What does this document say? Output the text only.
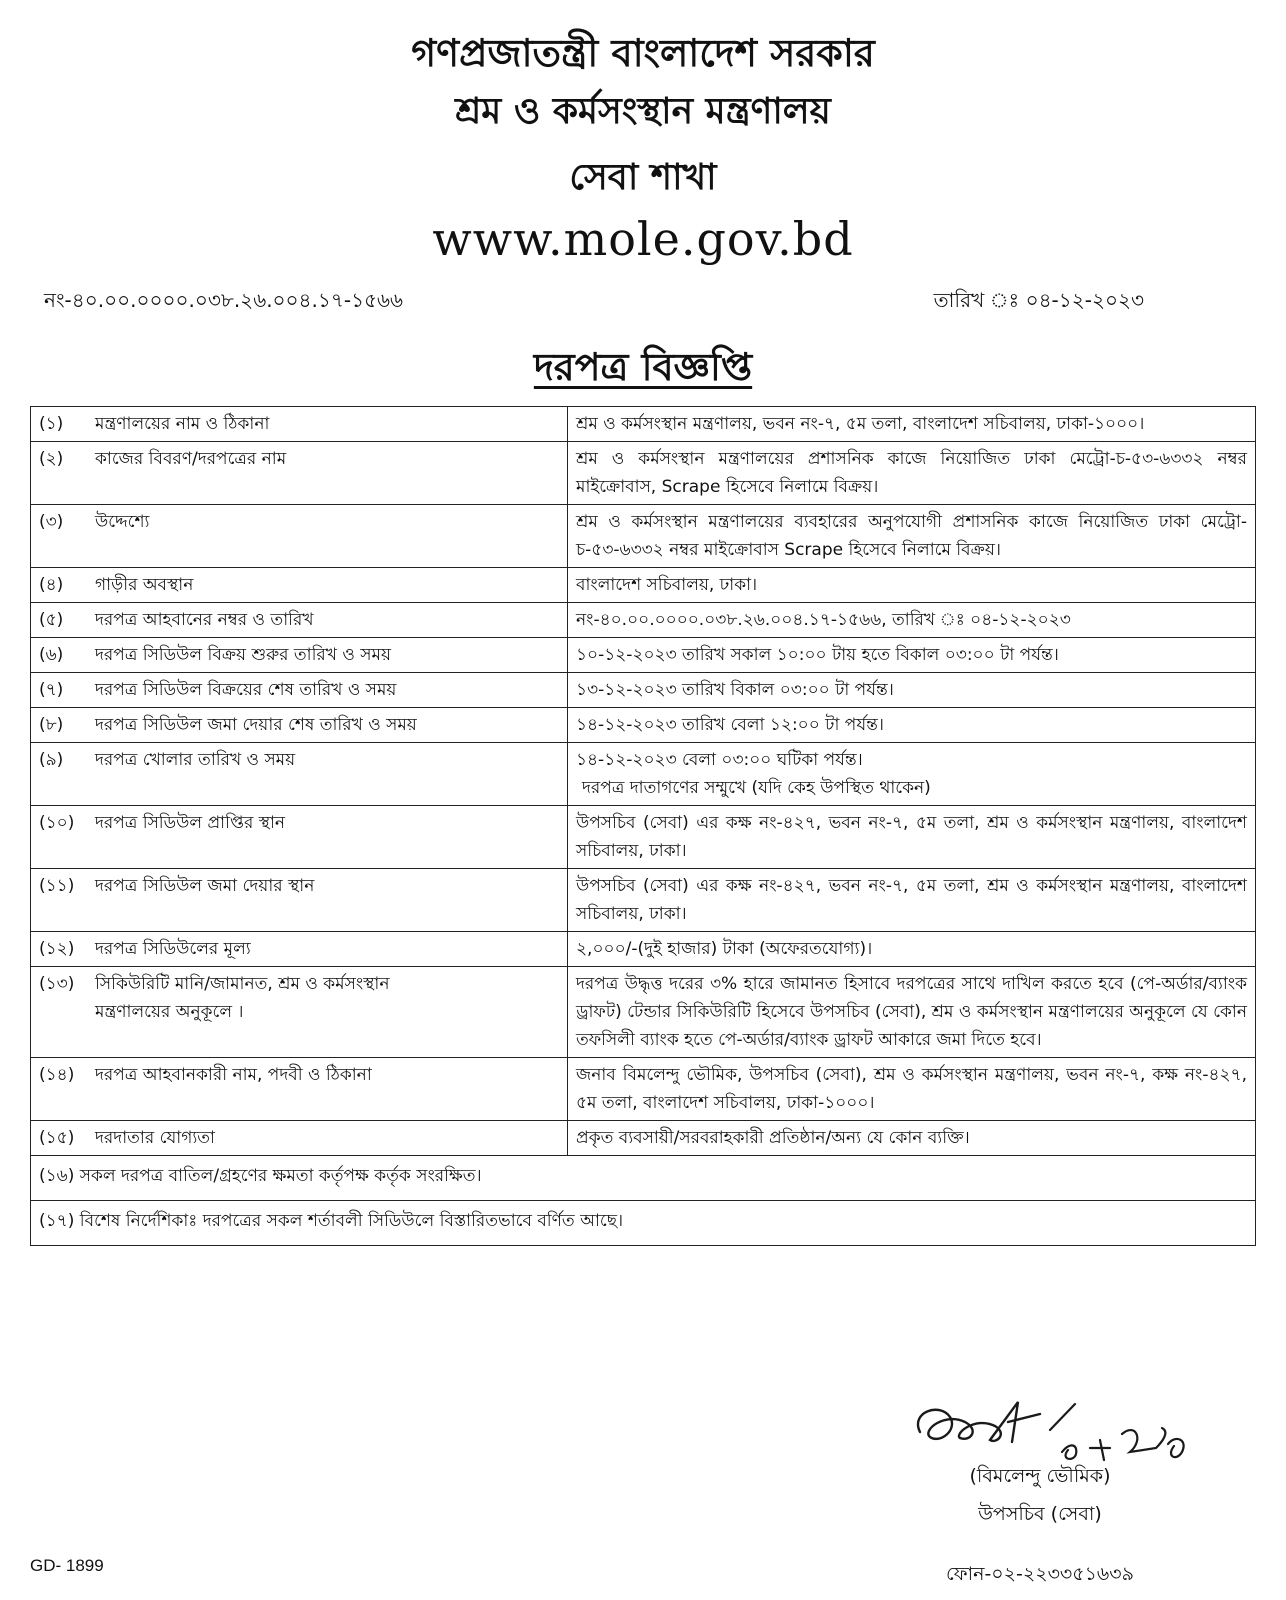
গণপ্রজাতন্ত্রী বাংলাদেশ সরকার
শ্রম ও কর্মসংস্থান মন্ত্রণালয়
সেবা শাখা
www.mole.gov.bd
নং-৪০.০০.০০০০.০৩৮.২৬.০০৪.১৭-১৫৬৬	তারিখ ঃ ০৪-১২-২০২৩
দরপত্র বিজ্ঞপ্তি
(১) মন্ত্রণালয়ের নাম ও ঠিকানা	শ্রম ও কর্মসংস্থান মন্ত্রণালয়, ভবন নং-৭, ৫ম তলা, বাংলাদেশ সচিবালয়, ঢাকা-১০০০।
(২) কাজের বিবরণ/দরপত্রের নাম	শ্রম ও কর্মসংস্থান মন্ত্রণালয়ের প্রশাসনিক কাজে নিয়োজিত ঢাকা মেট্রো-চ-৫৩-৬৩৩২ নম্বর মাইক্রোবাস, Scrape হিসেবে নিলামে বিক্রয়।
(৩) উদ্দেশ্যে	শ্রম ও কর্মসংস্থান মন্ত্রণালয়ের ব্যবহারের অনুপযোগী প্রশাসনিক কাজে নিয়োজিত ঢাকা মেট্রো-চ-৫৩-৬৩৩২ নম্বর মাইক্রোবাস Scrape হিসেবে নিলামে বিক্রয়।
(৪) গাড়ীর অবস্থান	বাংলাদেশ সচিবালয়, ঢাকা।
(৫) দরপত্র আহবানের নম্বর ও তারিখ	নং-৪০.০০.০০০০.০৩৮.২৬.০০৪.১৭-১৫৬৬, তারিখ ঃ ০৪-১২-২০২৩
(৬) দরপত্র সিডিউল বিক্রয় শুরুর তারিখ ও সময়	১০-১২-২০২৩ তারিখ সকাল ১০:০০ টায় হতে বিকাল ০৩:০০ টা পর্যন্ত।
(৭) দরপত্র সিডিউল বিক্রয়ের শেষ তারিখ ও সময়	১৩-১২-২০২৩ তারিখ বিকাল ০৩:০০ টা পর্যন্ত।
(৮) দরপত্র সিডিউল জমা দেয়ার শেষ তারিখ ও সময়	১৪-১২-২০২৩ তারিখ বেলা ১২:০০ টা পর্যন্ত।
(৯) দরপত্র খোলার তারিখ ও সময়	১৪-১২-২০২৩ বেলা ০৩:০০ ঘটিকা পর্যন্ত।
দরপত্র দাতাগণের সম্মুখে (যদি কেহ উপস্থিত থাকেন)

(১০) দরপত্র সিডিউল প্রাপ্তির স্থান	উপসচিব (সেবা) এর কক্ষ নং-৪২৭, ভবন নং-৭, ৫ম তলা, শ্রম ও কর্মসংস্থান মন্ত্রণালয়, বাংলাদেশ সচিবালয়, ঢাকা।
(১১) দরপত্র সিডিউল জমা দেয়ার স্থান	উপসচিব (সেবা) এর কক্ষ নং-৪২৭, ভবন নং-৭, ৫ম তলা, শ্রম ও কর্মসংস্থান মন্ত্রণালয়, বাংলাদেশ সচিবালয়, ঢাকা।
(১২) দরপত্র সিডিউলের মূল্য	২,০০০/-(দুই হাজার) টাকা (অফেরতযোগ্য)।

(১৩) সিকিউরিটি মানি/জামানত, শ্রম ও কর্মসংস্থান মন্ত্রণালয়ের অনুকূলে ।	দরপত্র উদ্ধৃত্ত দরের ৩% হারে জামানত হিসাবে দরপত্রের সাথে দাখিল করতে হবে (পে-অর্ডার/ব্যাংক ড্রাফট) টেন্ডার সিকিউরিটি হিসেবে উপসচিব (সেবা), শ্রম ও কর্মসংস্থান মন্ত্রণালয়ের অনুকূলে যে কোন তফসিলী ব্যাংক হতে পে-অর্ডার/ব্যাংক ড্রাফট আকারে জমা দিতে হবে।
(১৪) দরপত্র আহবানকারী নাম, পদবী ও ঠিকানা	জনাব বিমলেন্দু ভৌমিক, উপসচিব (সেবা), শ্রম ও কর্মসংস্থান মন্ত্রণালয়, ভবন নং-৭, কক্ষ নং-৪২৭, ৫ম তলা, বাংলাদেশ সচিবালয়, ঢাকা-১০০০।
(১৫) দরদাতার যোগ্যতা	প্রকৃত ব্যবসায়ী/সরবরাহকারী প্রতিষ্ঠান/অন্য যে কোন ব্যক্তি।
(১৬) সকল দরপত্র বাতিল/গ্রহণের ক্ষমতা কর্তৃপক্ষ কর্তৃক সংরক্ষিত।	
(১৭) বিশেষ নির্দেশিকাঃ দরপত্রের সকল শর্তাবলী সিডিউলে বিস্তারিতভাবে বর্ণিত আছে।	
(বিমলেন্দু ভৌমিক)
উপসচিব (সেবা)
ফোন-০২-২২৩৩৫১৬৩৯
GD- 1899
